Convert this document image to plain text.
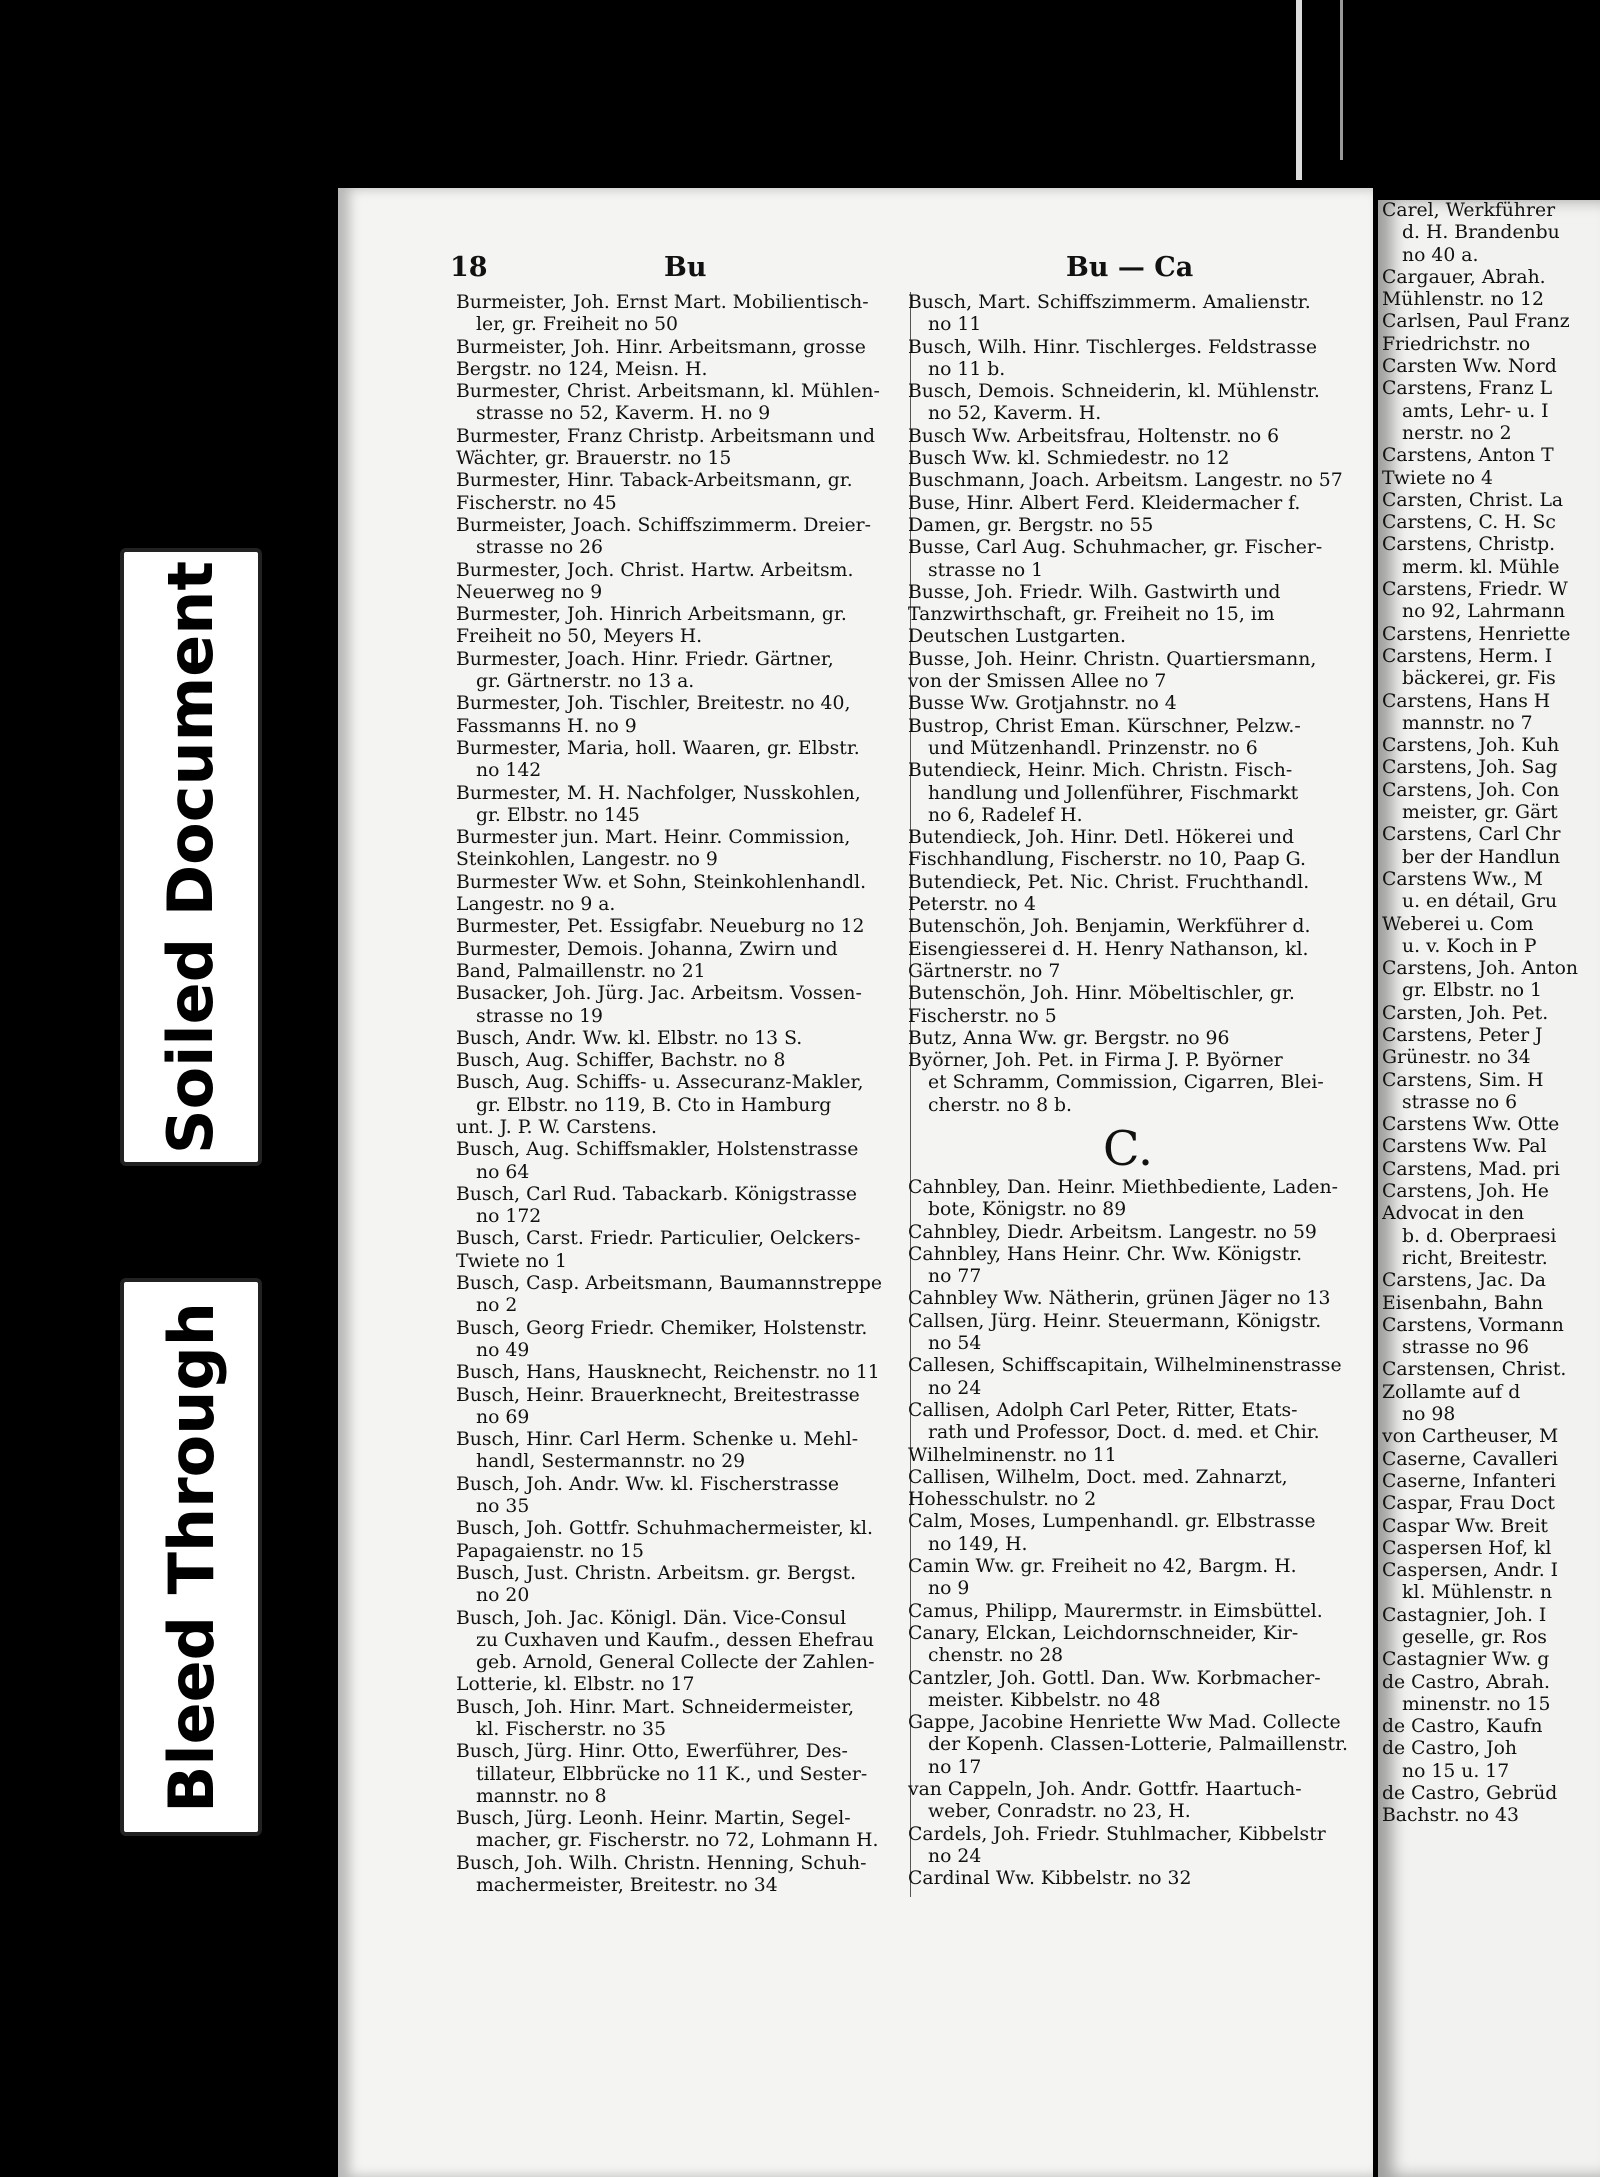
Soiled Document
Bleed Through
18	Bu	Bu — Ca
Burmeister, Joh. Ernst Mart. Mobilientisch-
ler, gr. Freiheit no 50
Burmeister, Joh. Hinr. Arbeitsmann, grosse
Bergstr. no 124, Meisn. H.
Burmester, Christ. Arbeitsmann, kl. Mühlen-
strasse no 52, Kaverm. H. no 9
Burmester, Franz Christp. Arbeitsmann und
Wächter, gr. Brauerstr. no 15
Burmester, Hinr. Taback-Arbeitsmann, gr.
Fischerstr. no 45
Burmeister, Joach. Schiffszimmerm. Dreier-
strasse no 26
Burmester, Joch. Christ. Hartw. Arbeitsm.
Neuerweg no 9
Burmester, Joh. Hinrich Arbeitsmann, gr.
Freiheit no 50, Meyers H.
Burmester, Joach. Hinr. Friedr. Gärtner,
gr. Gärtnerstr. no 13 a.
Burmester, Joh. Tischler, Breitestr. no 40,
Fassmanns H. no 9
Burmester, Maria, holl. Waaren, gr. Elbstr.
no 142
Burmester, M. H. Nachfolger, Nusskohlen,
gr. Elbstr. no 145
Burmester jun. Mart. Heinr. Commission,
Steinkohlen, Langestr. no 9
Burmester Ww. et Sohn, Steinkohlenhandl.
Langestr. no 9 a.
Burmester, Pet. Essigfabr. Neueburg no 12
Burmester, Demois. Johanna, Zwirn und
Band, Palmaillenstr. no 21
Busacker, Joh. Jürg. Jac. Arbeitsm. Vossen-
strasse no 19
Busch, Andr. Ww. kl. Elbstr. no 13 S.
Busch, Aug. Schiffer, Bachstr. no 8
Busch, Aug. Schiffs- u. Assecuranz-Makler,
gr. Elbstr. no 119, B. Cto in Hamburg
unt. J. P. W. Carstens.
Busch, Aug. Schiffsmakler, Holstenstrasse
no 64
Busch, Carl Rud. Tabackarb. Königstrasse
no 172
Busch, Carst. Friedr. Particulier, Oelckers-
Twiete no 1
Busch, Casp. Arbeitsmann, Baumannstreppe
no 2
Busch, Georg Friedr. Chemiker, Holstenstr.
no 49
Busch, Hans, Hausknecht, Reichenstr. no 11
Busch, Heinr. Brauerknecht, Breitestrasse
no 69
Busch, Hinr. Carl Herm. Schenke u. Mehl-
handl, Sestermannstr. no 29
Busch, Joh. Andr. Ww. kl. Fischerstrasse
no 35
Busch, Joh. Gottfr. Schuhmachermeister, kl.
Papagaienstr. no 15
Busch, Just. Christn. Arbeitsm. gr. Bergst.
no 20
Busch, Joh. Jac. Königl. Dän. Vice-Consul
zu Cuxhaven und Kaufm., dessen Ehefrau
geb. Arnold, General Collecte der Zahlen-
Lotterie, kl. Elbstr. no 17
Busch, Joh. Hinr. Mart. Schneidermeister,
kl. Fischerstr. no 35
Busch, Jürg. Hinr. Otto, Ewerführer, Des-
tillateur, Elbbrücke no 11 K., und Sester-
mannstr. no 8
Busch, Jürg. Leonh. Heinr. Martin, Segel-
macher, gr. Fischerstr. no 72, Lohmann H.
Busch, Joh. Wilh. Christn. Henning, Schuh-
machermeister, Breitestr. no 34
Busch, Mart. Schiffszimmerm. Amalienstr.
no 11
Busch, Wilh. Hinr. Tischlerges. Feldstrasse
no 11 b.
Busch, Demois. Schneiderin, kl. Mühlenstr.
no 52, Kaverm. H.
Busch Ww. Arbeitsfrau, Holtenstr. no 6
Busch Ww. kl. Schmiedestr. no 12
Buschmann, Joach. Arbeitsm. Langestr. no 57
Buse, Hinr. Albert Ferd. Kleidermacher f.
Damen, gr. Bergstr. no 55
Busse, Carl Aug. Schuhmacher, gr. Fischer-
strasse no 1
Busse, Joh. Friedr. Wilh. Gastwirth und
Tanzwirthschaft, gr. Freiheit no 15, im
Deutschen Lustgarten.
Busse, Joh. Heinr. Christn. Quartiersmann,
von der Smissen Allee no 7
Busse Ww. Grotjahnstr. no 4
Bustrop, Christ Eman. Kürschner, Pelzw.-
und Mützenhandl. Prinzenstr. no 6
Butendieck, Heinr. Mich. Christn. Fisch-
handlung und Jollenführer, Fischmarkt
no 6, Radelef H.
Butendieck, Joh. Hinr. Detl. Hökerei und
Fischhandlung, Fischerstr. no 10, Paap G.
Butendieck, Pet. Nic. Christ. Fruchthandl.
Peterstr. no 4
Butenschön, Joh. Benjamin, Werkführer d.
Eisengiesserei d. H. Henry Nathanson, kl.
Gärtnerstr. no 7
Butenschön, Joh. Hinr. Möbeltischler, gr.
Fischerstr. no 5
Butz, Anna Ww. gr. Bergstr. no 96
Byörner, Joh. Pet. in Firma J. P. Byörner
et Schramm, Commission, Cigarren, Blei-
cherstr. no 8 b.
C.
Cahnbley, Dan. Heinr. Miethbediente, Laden-
bote, Königstr. no 89
Cahnbley, Diedr. Arbeitsm. Langestr. no 59
Cahnbley, Hans Heinr. Chr. Ww. Königstr.
no 77
Cahnbley Ww. Nätherin, grünen Jäger no 13
Callsen, Jürg. Heinr. Steuermann, Königstr.
no 54
Callesen, Schiffscapitain, Wilhelminenstrasse
no 24
Callisen, Adolph Carl Peter, Ritter, Etats-
rath und Professor, Doct. d. med. et Chir.
Wilhelminenstr. no 11
Callisen, Wilhelm, Doct. med. Zahnarzt,
Hohesschulstr. no 2
Calm, Moses, Lumpenhandl. gr. Elbstrasse
no 149, H.
Camin Ww. gr. Freiheit no 42, Bargm. H.
no 9
Camus, Philipp, Maurermstr. in Eimsbüttel.
Canary, Elckan, Leichdornschneider, Kir-
chenstr. no 28
Cantzler, Joh. Gottl. Dan. Ww. Korbmacher-
meister. Kibbelstr. no 48
Gappe, Jacobine Henriette Ww Mad. Collecte
der Kopenh. Classen-Lotterie, Palmaillenstr.
no 17
van Cappeln, Joh. Andr. Gottfr. Haartuch-
weber, Conradstr. no 23, H.
Cardels, Joh. Friedr. Stuhlmacher, Kibbelstr
no 24
Cardinal Ww. Kibbelstr. no 32
Carel, Werkführer
d. H. Brandenbu
no 40 a.
Cargauer, Abrah.
Mühlenstr. no 12
Carlsen, Paul Franz
Friedrichstr. no
Carsten Ww. Nord
Carstens, Franz L
amts, Lehr- u. I
nerstr. no 2
Carstens, Anton T
Twiete no 4
Carsten, Christ. La
Carstens, C. H. Sc
Carstens, Christp.
merm. kl. Mühle
Carstens, Friedr. W
no 92, Lahrmann
Carstens, Henriette
Carstens, Herm. I
bäckerei, gr. Fis
Carstens, Hans H
mannstr. no 7
Carstens, Joh. Kuh
Carstens, Joh. Sag
Carstens, Joh. Con
meister, gr. Gärt
Carstens, Carl Chr
ber der Handlun
Carstens Ww., M
u. en détail, Gru
Weberei u. Com
u. v. Koch in P
Carstens, Joh. Anton
gr. Elbstr. no 1
Carsten, Joh. Pet.
Carstens, Peter J
Grünestr. no 34
Carstens, Sim. H
strasse no 6
Carstens Ww. Otte
Carstens Ww. Pal
Carstens, Mad. pri
Carstens, Joh. He
Advocat in den
b. d. Oberpraesi
richt, Breitestr.
Carstens, Jac. Da
Eisenbahn, Bahn
Carstens, Vormann
strasse no 96
Carstensen, Christ.
Zollamte auf d
no 98
von Cartheuser, M
Caserne, Cavalleri
Caserne, Infanteri
Caspar, Frau Doct
Caspar Ww. Breit
Caspersen Hof, kl
Caspersen, Andr. I
kl. Mühlenstr. n
Castagnier, Joh. I
geselle, gr. Ros
Castagnier Ww. g
de Castro, Abrah.
minenstr. no 15
de Castro, Kaufn
de Castro, Joh
no 15 u. 17
de Castro, Gebrüd
Bachstr. no 43
